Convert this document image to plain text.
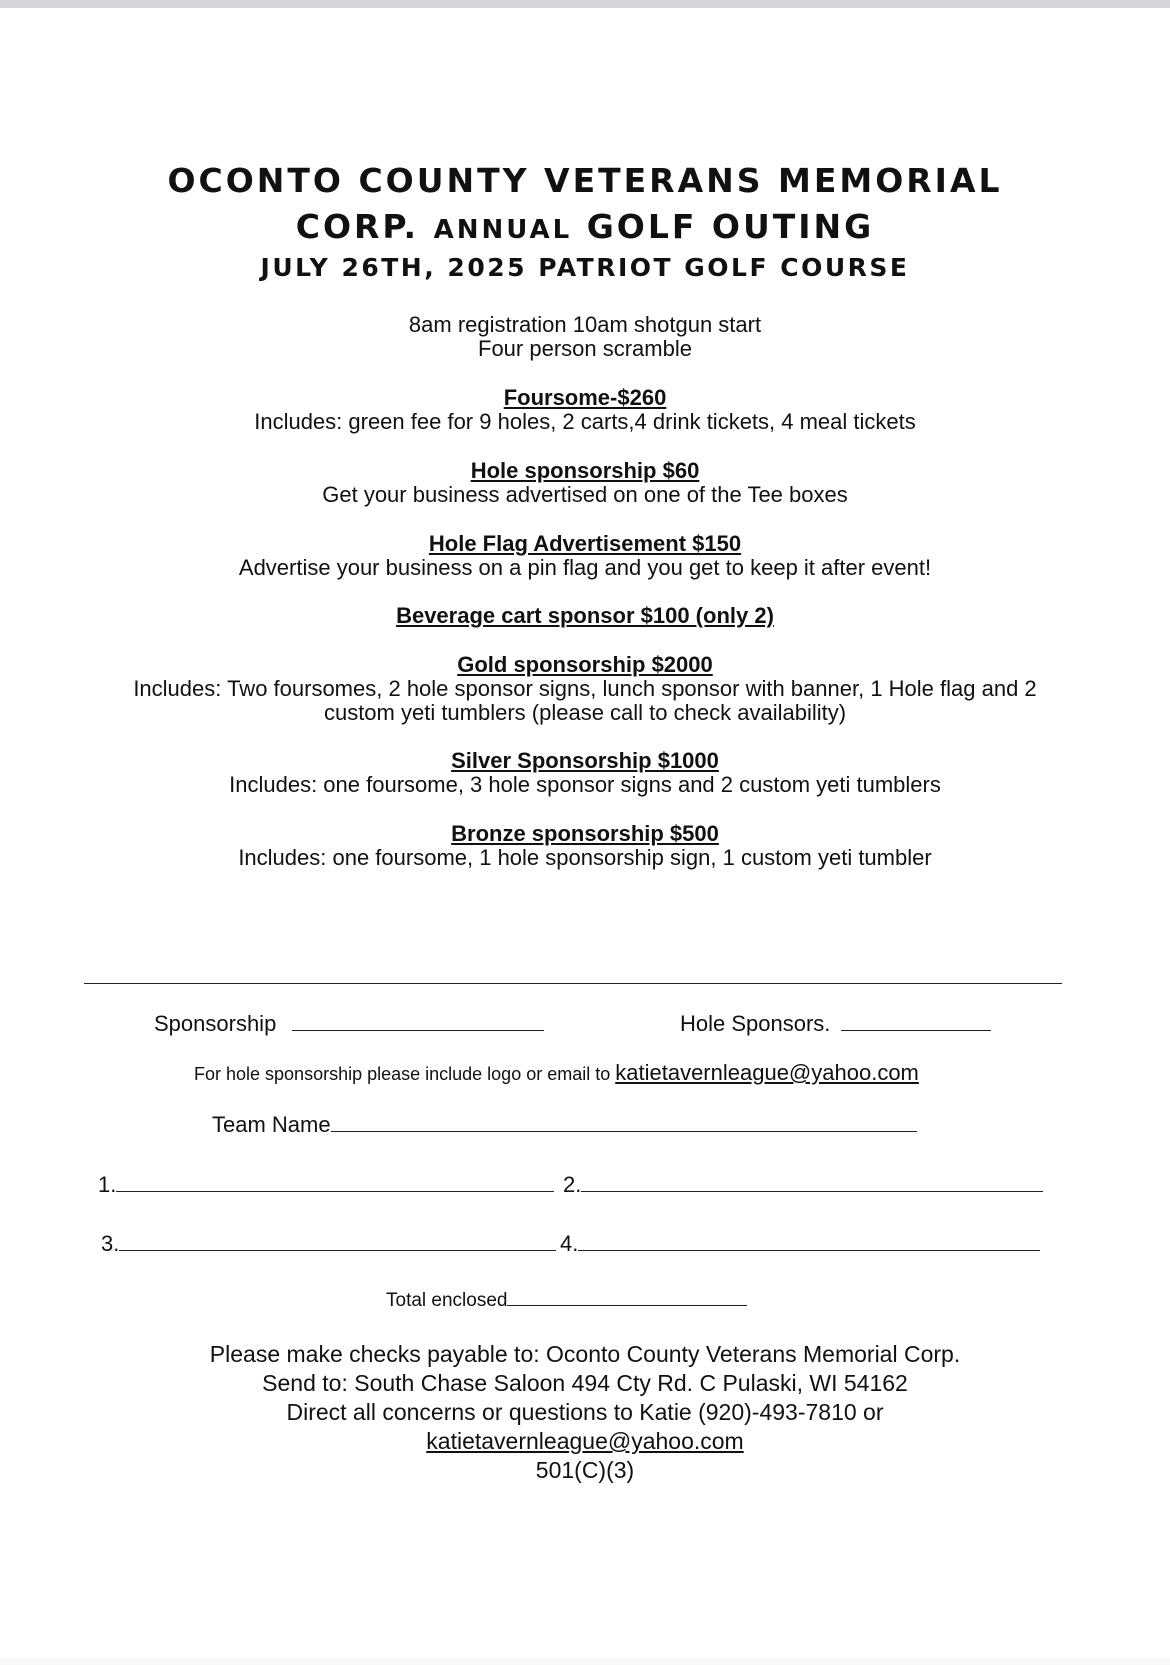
OCONTO COUNTY VETERANS MEMORIAL
CORP. ANNUAL GOLF OUTING
JULY 26TH, 2025 PATRIOT GOLF COURSE
8am registration 10am shotgun start
Four person scramble
Foursome-$260
Includes: green fee for 9 holes, 2 carts,4 drink tickets, 4 meal tickets
Hole sponsorship $60
Get your business advertised on one of the Tee boxes
Hole Flag Advertisement $150
Advertise your business on a pin flag and you get to keep it after event!
Beverage cart sponsor $100 (only 2)
Gold sponsorship $2000
Includes: Two foursomes, 2 hole sponsor signs, lunch sponsor with banner, 1 Hole flag and 2
custom yeti tumblers (please call to check availability)
Silver Sponsorship $1000
Includes: one foursome, 3 hole sponsor signs and 2 custom yeti tumblers
Bronze sponsorship $500
Includes: one foursome, 1 hole sponsorship sign, 1 custom yeti tumbler
Sponsorship	Hole Sponsors.
For hole sponsorship please include logo or email to katietavernleague@yahoo.com
Team Name
1.	2.
3.	4.
Total enclosed
Please make checks payable to: Oconto County Veterans Memorial Corp.
Send to: South Chase Saloon 494 Cty Rd. C Pulaski, WI 54162
Direct all concerns or questions to Katie (920)-493-7810 or
katietavernleague@yahoo.com
501(C)(3)
